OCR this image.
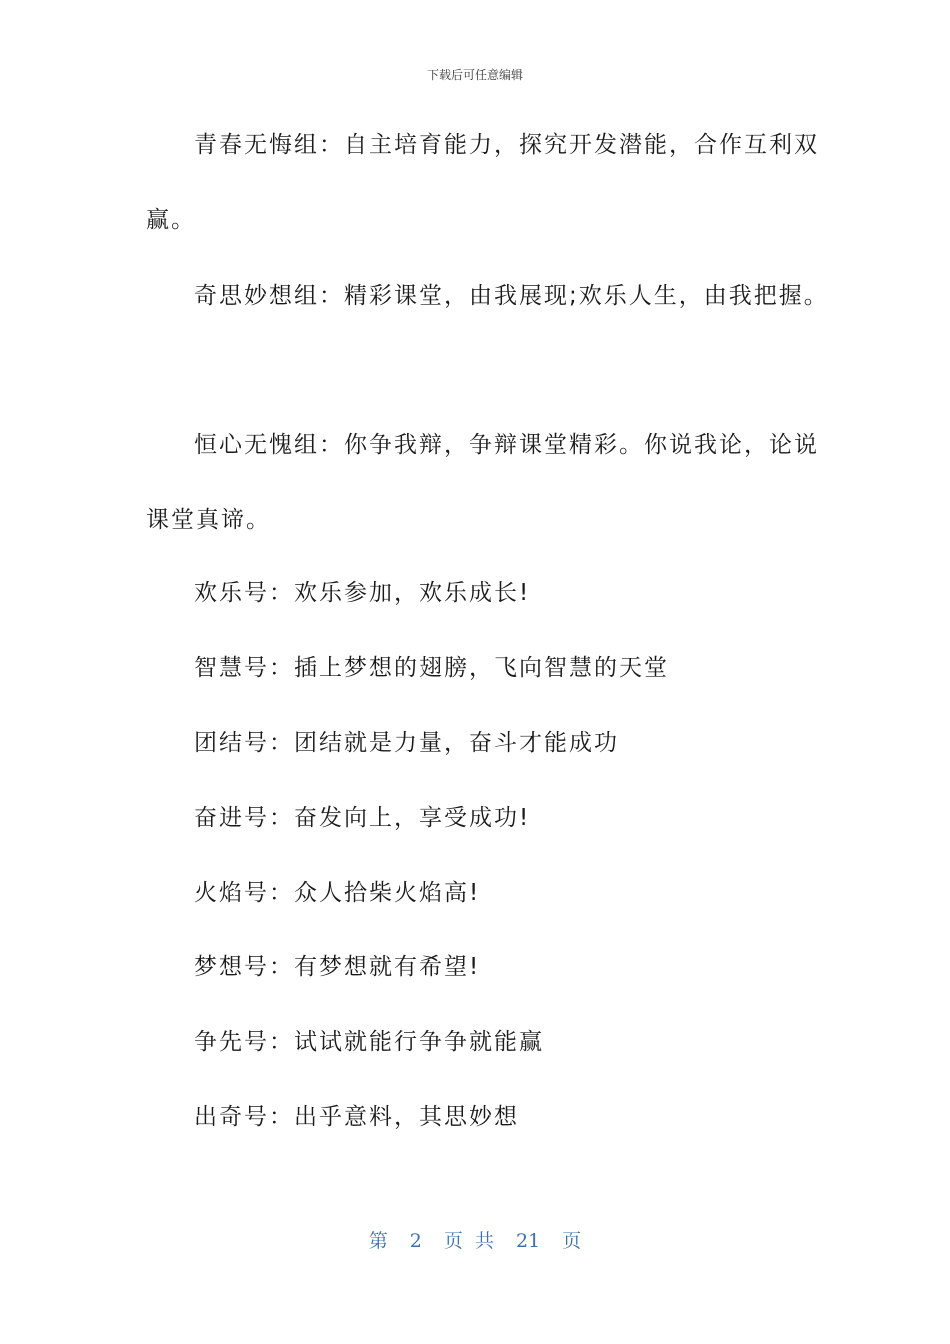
下载后可任意编辑
青春无悔组：自主培育能力，探究开发潜能，合作互利双
赢。
奇思妙想组：精彩课堂，由我展现;欢乐人生，由我把握。
恒心无愧组：你争我辩，争辩课堂精彩。你说我论，论说
课堂真谛。
欢乐号：欢乐参加，欢乐成长!
智慧号：插上梦想的翅膀，飞向智慧的天堂
团结号：团结就是力量，奋斗才能成功
奋进号：奋发向上，享受成功!
火焰号：众人拾柴火焰高!
梦想号：有梦想就有希望!
争先号：试试就能行争争就能赢
出奇号：出乎意料，其思妙想
第 2 页 共 21 页
